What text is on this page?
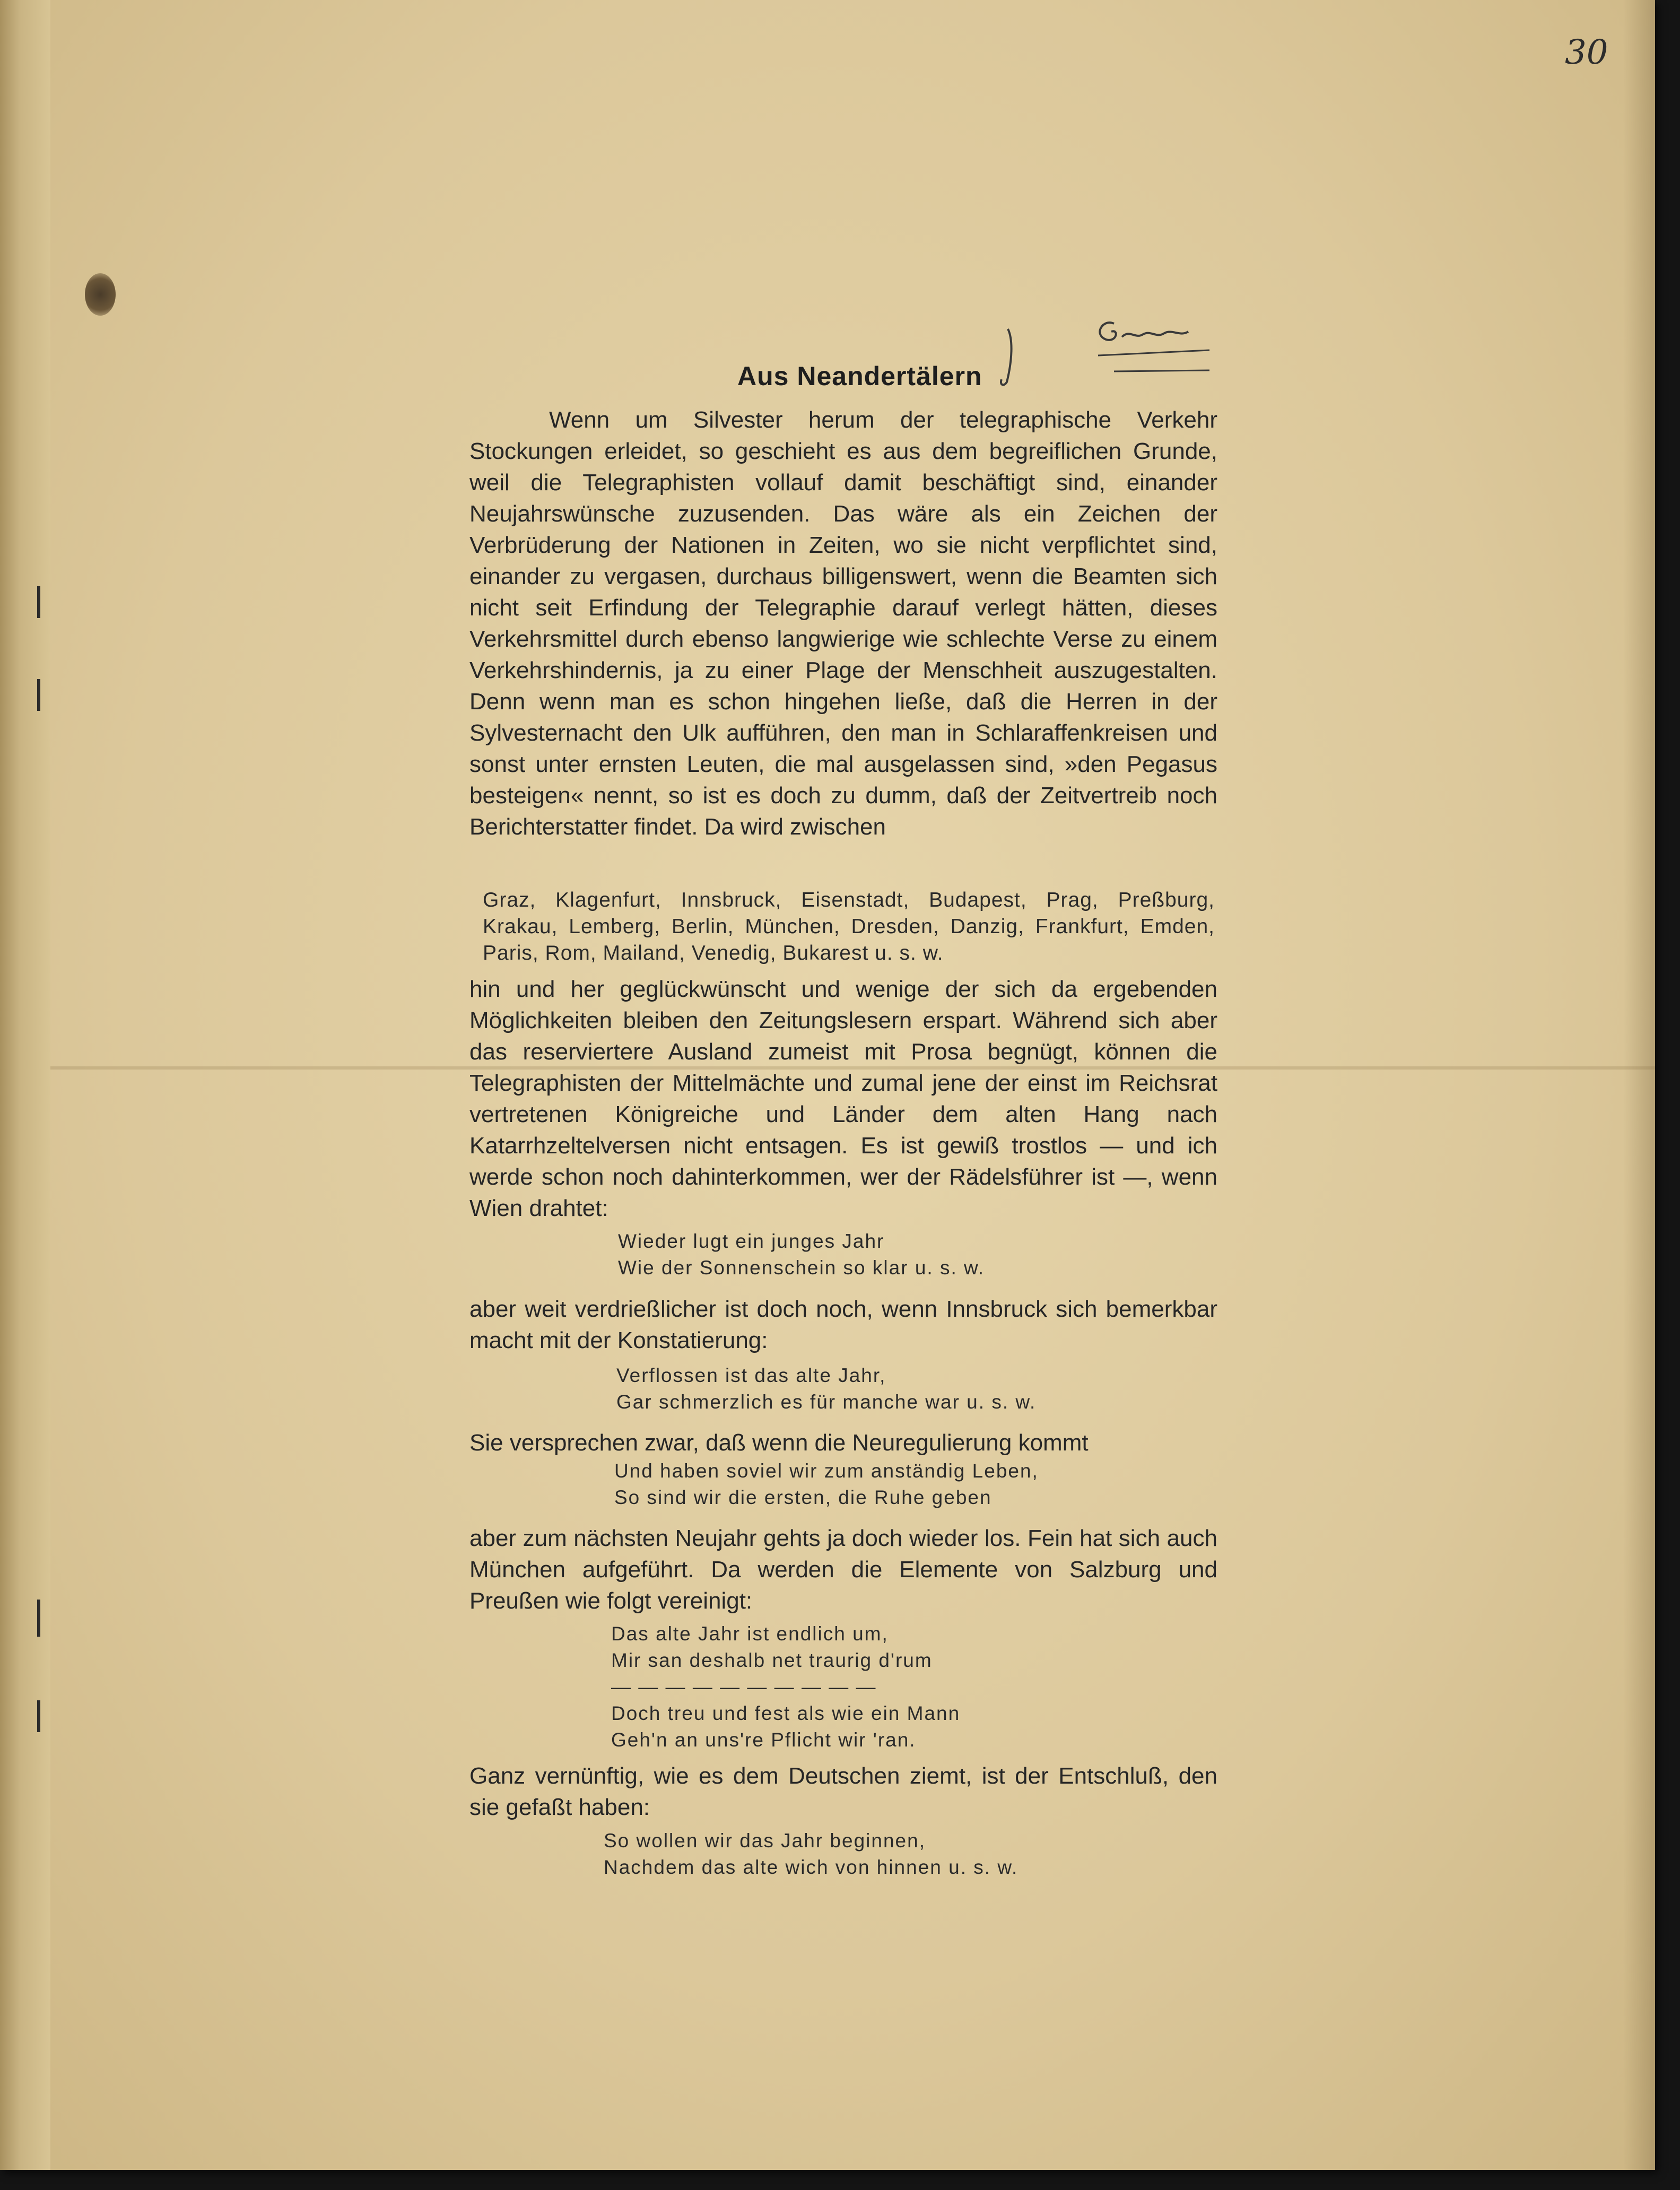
30
Aus Neandertälern

Wenn um Silvester herum der telegraphische Verkehr Stockungen erleidet, so geschieht es aus dem begreiflichen Grunde, weil die Telegraphisten vollauf damit beschäftigt sind, einander Neujahrswünsche zuzusenden. Das wäre als ein Zeichen der Verbrüderung der Nationen in Zeiten, wo sie nicht verpflichtet sind, einander zu vergasen, durchaus billigenswert, wenn die Beamten sich nicht seit Erfindung der Telegraphie darauf verlegt hätten, dieses Verkehrsmittel durch ebenso langwierige wie schlechte Verse zu einem Verkehrshindernis, ja zu einer Plage der Menschheit auszugestalten. Denn wenn man es schon hingehen ließe, daß die Herren in der Sylvesternacht den Ulk aufführen, den man in Schlaraffenkreisen und sonst unter ernsten Leuten, die mal ausgelassen sind, »den Pegasus besteigen« nennt, so ist es doch zu dumm, daß der Zeitvertreib noch Berichterstatter findet. Da wird zwischen

Graz, Klagenfurt, Innsbruck, Eisenstadt, Budapest, Prag, Preßburg, Krakau, Lemberg, Berlin, München, Dresden, Danzig, Frankfurt, Emden, Paris, Rom, Mailand, Venedig, Bukarest u. s. w.

hin und her geglückwünscht und wenige der sich da ergebenden Möglichkeiten bleiben den Zeitungslesern erspart. Während sich aber das reserviertere Ausland zumeist mit Prosa begnügt, können die Telegraphisten der Mittelmächte und zumal jene der einst im Reichsrat vertretenen Königreiche und Länder dem alten Hang nach Katarrhzeltelversen nicht entsagen. Es ist gewiß trostlos — und ich werde schon noch dahinterkommen, wer der Rädelsführer ist —, wenn Wien drahtet:

Wieder lugt ein junges Jahr
Wie der Sonnenschein so klar u. s. w.

aber weit verdrießlicher ist doch noch, wenn Innsbruck sich bemerkbar macht mit der Konstatierung:

Verflossen ist das alte Jahr,
Gar schmerzlich es für manche war u. s. w.

Sie versprechen zwar, daß wenn die Neuregulierung kommt

Und haben soviel wir zum anständig Leben,
So sind wir die ersten, die Ruhe geben

aber zum nächsten Neujahr gehts ja doch wieder los. Fein hat sich auch München aufgeführt. Da werden die Elemente von Salzburg und Preußen wie folgt vereinigt:

Das alte Jahr ist endlich um,
Mir san deshalb net traurig d'rum
— — — — — — — — — —
Doch treu und fest als wie ein Mann
Geh'n an uns're Pflicht wir 'ran.

Ganz vernünftig, wie es dem Deutschen ziemt, ist der Entschluß, den sie gefaßt haben:

So wollen wir das Jahr beginnen,
Nachdem das alte wich von hinnen u. s. w.
